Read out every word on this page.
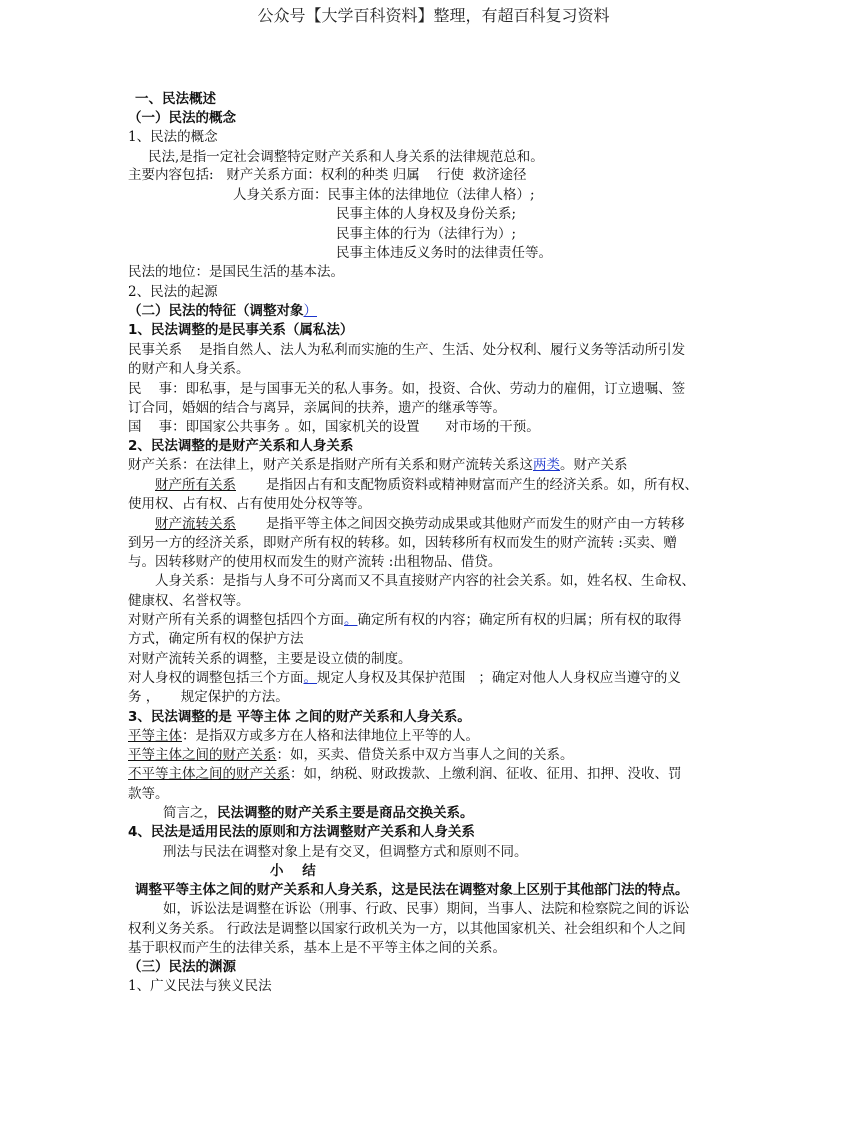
公众号【大学百科资料】整理，有超百科复习资料
一、民法概述
（一）民法的概念
1、民法的概念
民法,是指一定社会调整特定财产关系和人身关系的法律规范总和。
主要内容包括:   财产关系方面：权利的种类 归属    行使  救济途径
人身关系方面：民事主体的法律地位（法律人格）;
民事主体的人身权及身份关系;
民事主体的行为（法律行为）;
民事主体违反义务时的法律责任等。
民法的地位：是国民生活的基本法。
2、民法的起源
（二）民法的特征（调整对象）
1、民法调整的是民事关系（属私法）
民事关系    是指自然人、法人为私利而实施的生产、生活、处分权利、履行义务等活动所引发
的财产和人身关系。
民    事：即私事，是与国事无关的私人事务。如，投资、合伙、劳动力的雇佣，订立遗嘱、签
订合同，婚姻的结合与离异，亲属间的扶养，遗产的继承等等。
国    事：即国家公共事务 。如，国家机关的设置      对市场的干预。
2、民法调整的是财产关系和人身关系
财产关系：在法律上，财产关系是指财产所有关系和财产流转关系这两类。财产关系
财产所有关系       是指因占有和支配物质资料或精神财富而产生的经济关系。如，所有权、
使用权、占有权、占有使用处分权等等。
财产流转关系       是指平等主体之间因交换劳动成果或其他财产而发生的财产由一方转移
到另一方的经济关系，即财产所有权的转移。如，因转移所有权而发生的财产流转 :买卖、赠
与。因转移财产的使用权而发生的财产流转 :出租物品、借贷。
人身关系：是指与人身不可分离而又不具直接财产内容的社会关系。如，姓名权、生命权、
健康权、名誉权等。
对财产所有关系的调整包括四个方面。确定所有权的内容；确定所有权的归属；所有权的取得
方式，确定所有权的保护方法
对财产流转关系的调整，主要是设立债的制度。
对人身权的调整包括三个方面。规定人身权及其保护范围   ；确定对他人人身权应当遵守的义
务 ，     规定保护的方法。
3、民法调整的是 平等主体 之间的财产关系和人身关系。
平等主体：是指双方或多方在人格和法律地位上平等的人。
平等主体之间的财产关系：如，买卖、借贷关系中双方当事人之间的关系。
不平等主体之间的财产关系：如，纳税、财政拨款、上缴利润、征收、征用、扣押、没收、罚
款等。
简言之，民法调整的财产关系主要是商品交换关系。
4、民法是适用民法的原则和方法调整财产关系和人身关系
刑法与民法在调整对象上是有交叉，但调整方式和原则不同。
小    结
调整平等主体之间的财产关系和人身关系，这是民法在调整对象上区别于其他部门法的特点。
如，诉讼法是调整在诉讼（刑事、行政、民事）期间，当事人、法院和检察院之间的诉讼
权利义务关系。 行政法是调整以国家行政机关为一方，以其他国家机关、社会组织和个人之间
基于职权而产生的法律关系，基本上是不平等主体之间的关系。
（三）民法的渊源
1、广义民法与狭义民法
